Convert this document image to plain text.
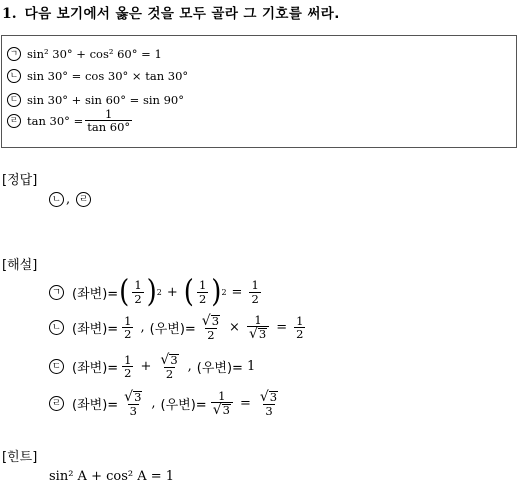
1. 다음 보기에서 옳은 것을 모두 골라 그 기호를 써라.
ㄱ sin² 30° + cos² 60° = 1
ㄴ sin 30° = cos 30° × tan 30°
ㄷ sin 30° + sin 60° = sin 90°
ㄹ $\tan 30^\circ = \frac{1}{\tan 60^\circ}$
[정답]
ㄴ , ㄹ
[해설]
ㄱ (좌변)= ( $\frac{1}{2}$ ) 2 + ( $\frac{1}{2}$ ) $2 = \frac{1}{2}$
ㄴ (좌변)= $\frac{1}{2}$ , (우변)= $\frac{√ 3}{2} \times \frac{1}{√ 3} = \frac{1}{2}$
ㄷ (좌변)= $\frac{1}{2} + \frac{√ 3}{2}$ , (우변)= 1
ㄹ (좌변)= $\frac{√ 3}{3}$ , (우변)= $\frac{1}{√ 3} = \frac{√ 3}{3}$
[힌트]
sin² A + cos² A = 1
